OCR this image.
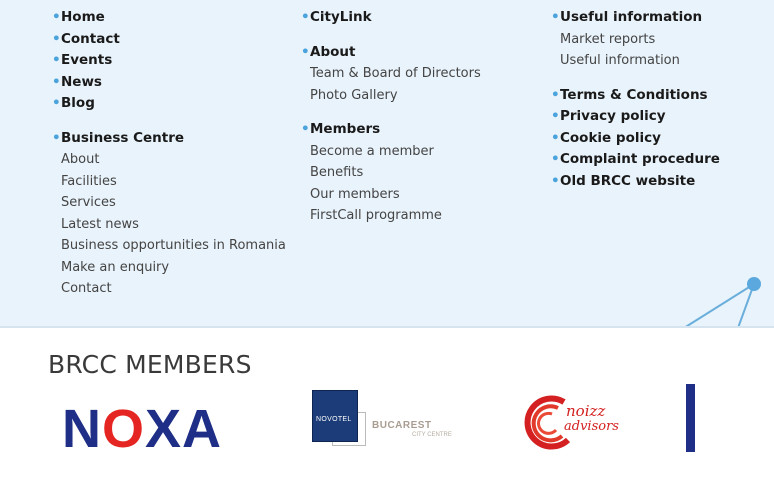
• Home
• Contact
• Events
• News
• Blog
• Business Centre
About
Facilities
Services
Latest news
Business opportunities in Romania
Make an enquiry
Contact
• CityLink
• About
Team & Board of Directors
Photo Gallery
• Members
Become a member
Benefits
Our members
FirstCall programme
• Useful information
Market reports
Useful information
• Terms & Conditions
• Privacy policy
• Cookie policy
• Complaint procedure
• Old BRCC website
BRCC MEMBERS
NOXA	NOVOTEL
BUCAREST
CITY CENTRE
noizz
advisors
